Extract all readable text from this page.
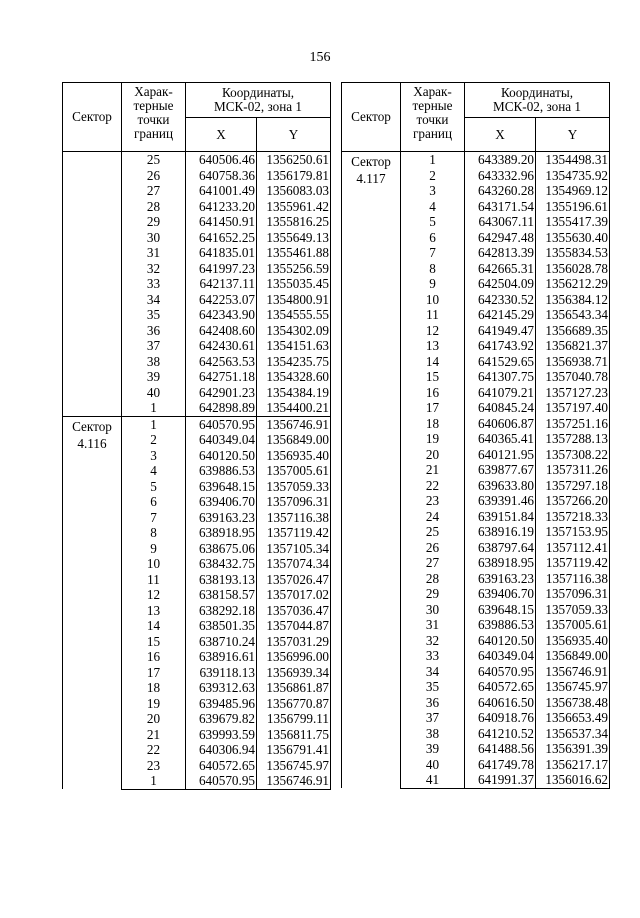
156
Сектор	Харак-
терные
точки
границ	Координаты,
МСК-02, зона 1	
		X	Y
	25	640506.46	1356250.61
	26	640758.36	1356179.81
	27	641001.49	1356083.03
	28	641233.20	1355961.42
	29	641450.91	1355816.25
	30	641652.25	1355649.13
	31	641835.01	1355461.88
	32	641997.23	1355256.59
	33	642137.11	1355035.45
	34	642253.07	1354800.91
	35	642343.90	1354555.55
	36	642408.60	1354302.09
	37	642430.61	1354151.63
	38	642563.53	1354235.75
	39	642751.18	1354328.60
	40	642901.23	1354384.19
	1	642898.89	1354400.21
Сектор
4.116	1	640570.95	1356746.91
	2	640349.04	1356849.00
	3	640120.50	1356935.40
	4	639886.53	1357005.61
	5	639648.15	1357059.33
	6	639406.70	1357096.31
	7	639163.23	1357116.38
	8	638918.95	1357119.42
	9	638675.06	1357105.34
	10	638432.75	1357074.34
	11	638193.13	1357026.47
	12	638158.57	1357017.02
	13	638292.18	1357036.47
	14	638501.35	1357044.87
	15	638710.24	1357031.29
	16	638916.61	1356996.00
	17	639118.13	1356939.34
	18	639312.63	1356861.87
	19	639485.96	1356770.87
	20	639679.82	1356799.11
	21	639993.59	1356811.75
	22	640306.94	1356791.41
	23	640572.65	1356745.97
	1	640570.95	1356746.91
Сектор	Харак-
терные
точки
границ	Координаты,
МСК-02, зона 1	
		X	Y
Сектор
4.117	1	643389.20	1354498.31
	2	643332.96	1354735.92
	3	643260.28	1354969.12
	4	643171.54	1355196.61
	5	643067.11	1355417.39
	6	642947.48	1355630.40
	7	642813.39	1355834.53
	8	642665.31	1356028.78
	9	642504.09	1356212.29
	10	642330.52	1356384.12
	11	642145.29	1356543.34
	12	641949.47	1356689.35
	13	641743.92	1356821.37
	14	641529.65	1356938.71
	15	641307.75	1357040.78
	16	641079.21	1357127.23
	17	640845.24	1357197.40
	18	640606.87	1357251.16
	19	640365.41	1357288.13
	20	640121.95	1357308.22
	21	639877.67	1357311.26
	22	639633.80	1357297.18
	23	639391.46	1357266.20
	24	639151.84	1357218.33
	25	638916.19	1357153.95
	26	638797.64	1357112.41
	27	638918.95	1357119.42
	28	639163.23	1357116.38
	29	639406.70	1357096.31
	30	639648.15	1357059.33
	31	639886.53	1357005.61
	32	640120.50	1356935.40
	33	640349.04	1356849.00
	34	640570.95	1356746.91
	35	640572.65	1356745.97
	36	640616.50	1356738.48
	37	640918.76	1356653.49
	38	641210.52	1356537.34
	39	641488.56	1356391.39
	40	641749.78	1356217.17
	41	641991.37	1356016.62
